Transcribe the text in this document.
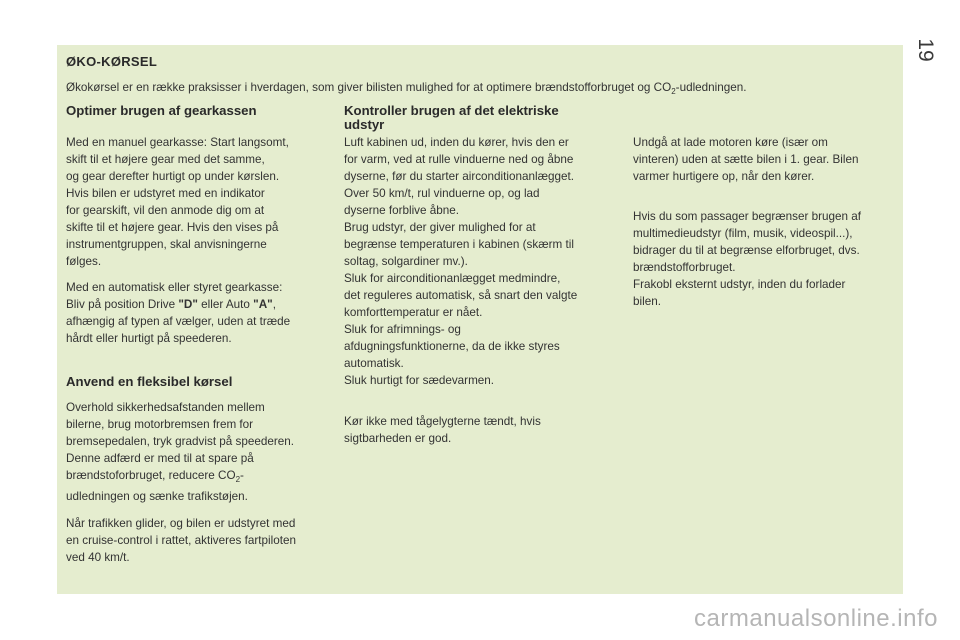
19

ØKO-KØRSEL

Økokørsel er en række praksisser i hverdagen, som giver bilisten mulighed for at optimere brændstofforbruget og $CO_2$-udledningen.

Optimer brugen af gearkassen

Med en manuel gearkasse: Start langsomt,
skift til et højere gear med det samme,
og gear derefter hurtigt op under kørslen.
Hvis bilen er udstyret med en indikator
for gearskift, vil den anmode dig om at
skifte til et højere gear. Hvis den vises på
instrumentgruppen, skal anvisningerne
følges.
Med en automatisk eller styret gearkasse:
Bliv på position Drive "D" eller Auto "A",
afhængig af typen af vælger, uden at træde
hårdt eller hurtigt på speederen.

Anvend en fleksibel kørsel

Overhold sikkerhedsafstanden mellem
bilerne, brug motorbremsen frem for
bremsepedalen, tryk gradvist på speederen.
Denne adfærd er med til at spare på
brændstoforbruget, reducere $CO_2-$
udledningen og sænke trafikstøjen.
Når trafikken glider, og bilen er udstyret med
en cruise-control i rattet, aktiveres fartpiloten
ved 40 km/t.
Kontroller brugen af det elektriske
udstyr
Luft kabinen ud, inden du kører, hvis den er
for varm, ved at rulle vinduerne ned og åbne
dyserne, før du starter airconditionanlægget.
Over 50 km/t, rul vinduerne op, og lad
dyserne forblive åbne.
Brug udstyr, der giver mulighed for at
begrænse temperaturen i kabinen (skærm til
soltag, solgardiner mv.).
Sluk for airconditionanlægget medmindre,
det reguleres automatisk, så snart den valgte
komforttemperatur er nået.
Sluk for afrimnings- og
afdugningsfunktionerne, da de ikke styres
automatisk.
Sluk hurtigt for sædevarmen.
Kør ikke med tågelygterne tændt, hvis
sigtbarheden er god.
Undgå at lade motoren køre (især om
vinteren) uden at sætte bilen i 1. gear. Bilen
varmer hurtigere op, når den kører.
Hvis du som passager begrænser brugen af
multimedieudstyr (film, musik, videospil...),
bidrager du til at begrænse elforbruget, dvs.
brændstofforbruget.
Frakobl eksternt udstyr, inden du forlader
bilen.
carmanualsonline.info
